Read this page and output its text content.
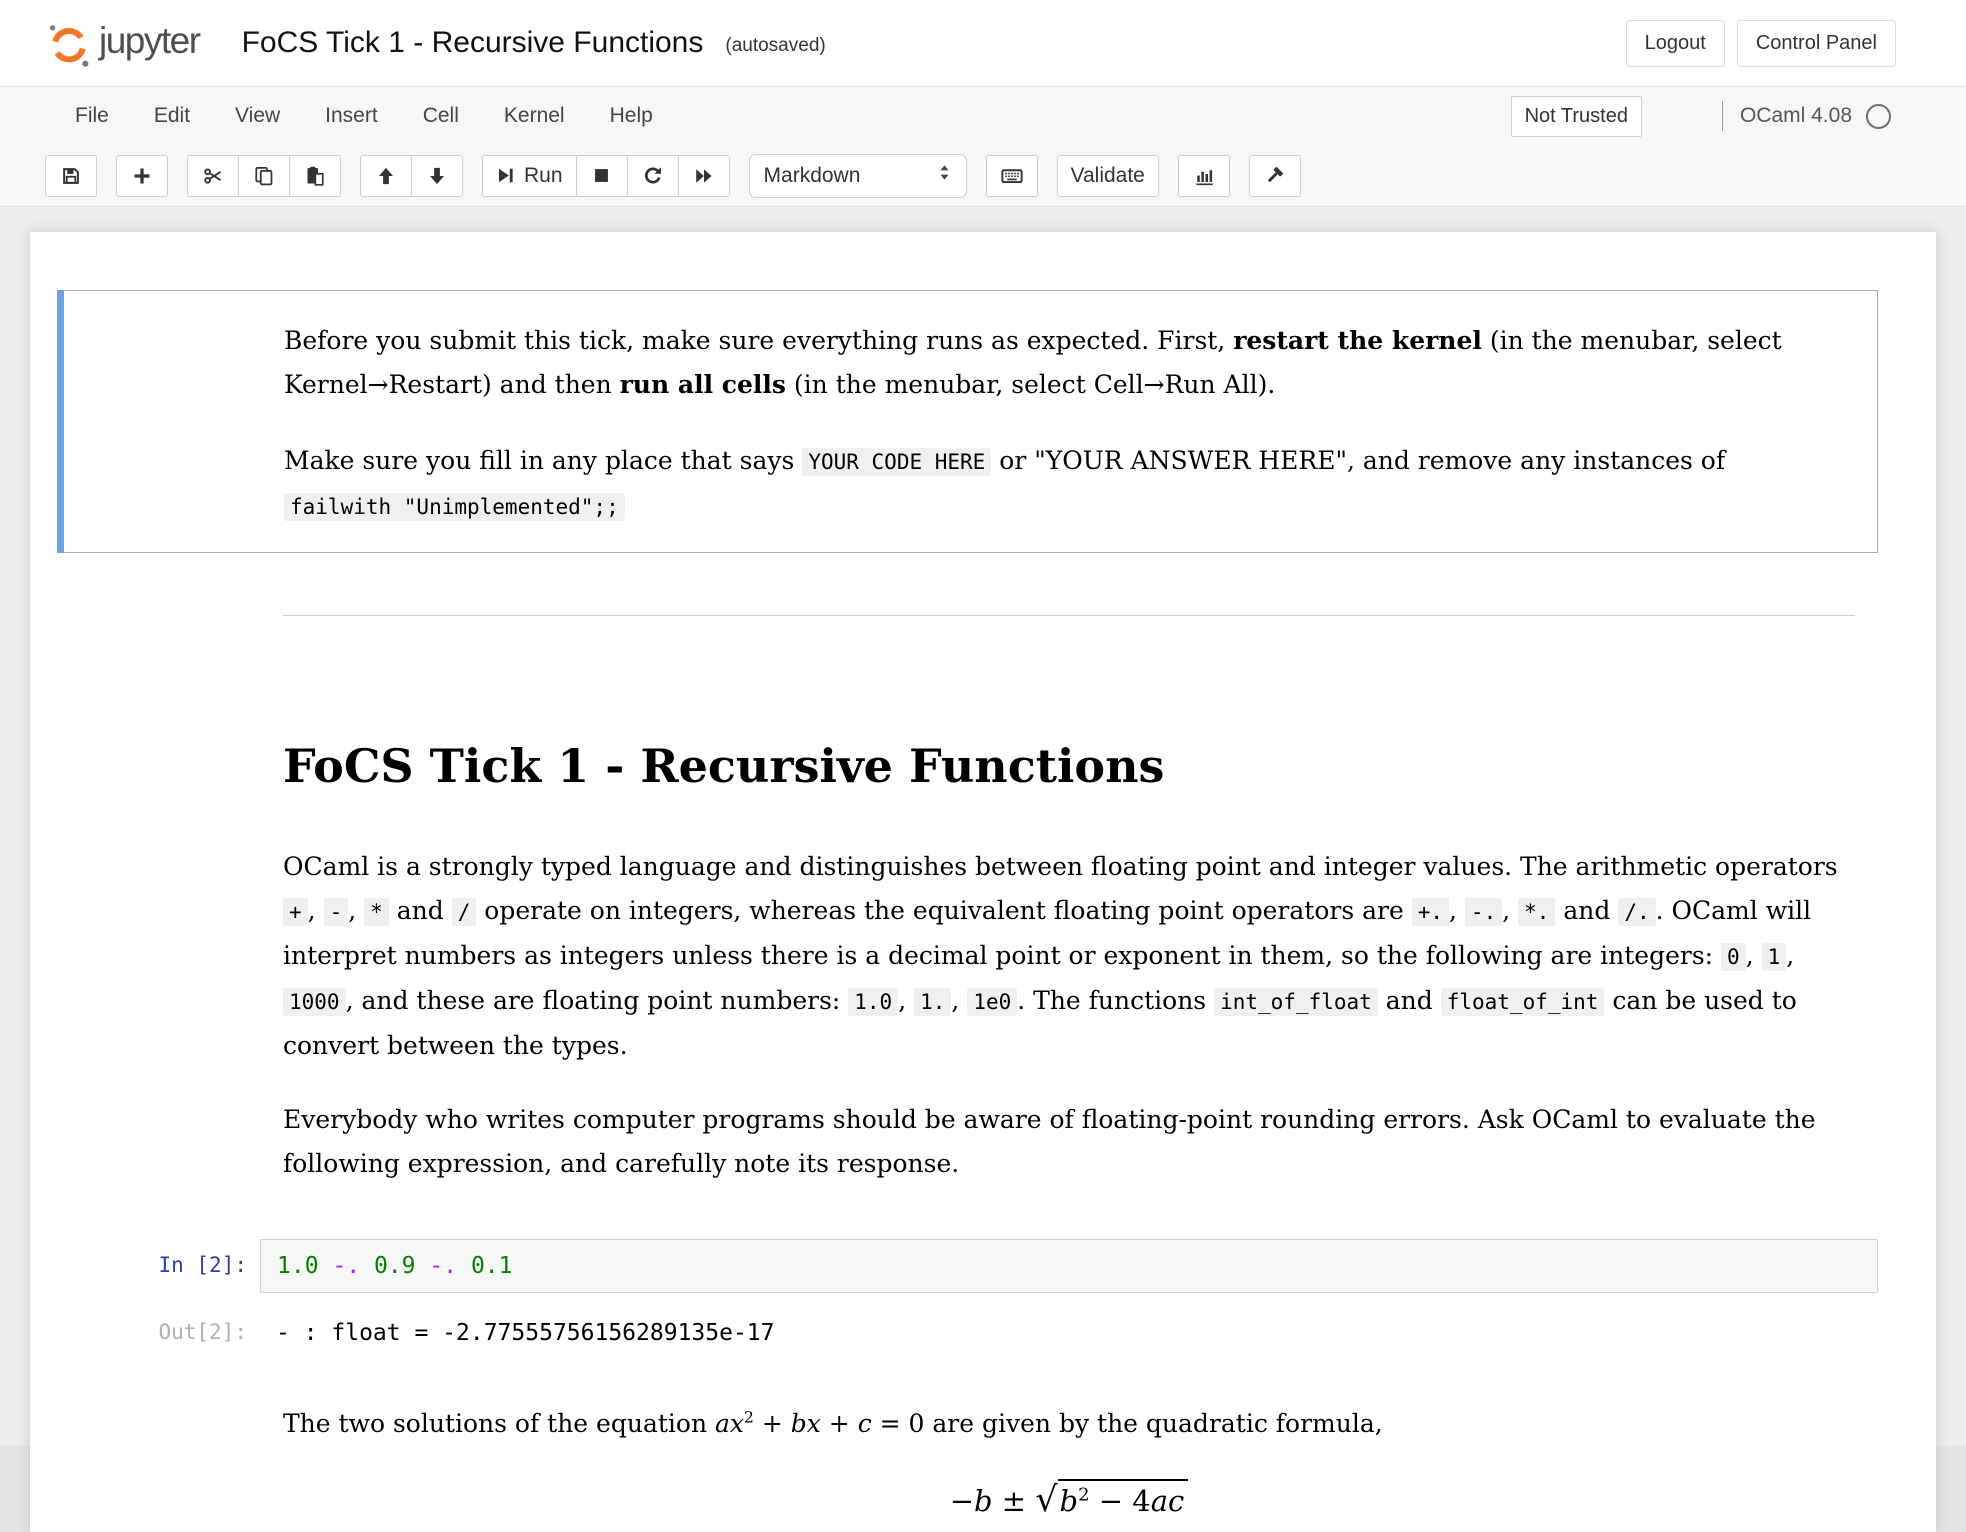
jupyter FoCS Tick 1 - Recursive Functions (autosaved)	Logout	Control Panel
File	Edit	View	Insert	Cell	Kernel	Help	Not Trusted	OCaml 4.08
Run	Markdown	Validate

Before you submit this tick, make sure everything runs as expected. First, restart the kernel (in the menubar, select Kernel→Restart) and then run all cells (in the menubar, select Cell→Run All).

Make sure you fill in any place that says YOUR CODE HERE or "YOUR ANSWER HERE", and remove any instances of failwith "Unimplemented";;

FoCS Tick 1 - Recursive Functions

OCaml is a strongly typed language and distinguishes between floating point and integer values. The arithmetic operators + , - , * and / operate on integers, whereas the equivalent floating point operators are +. , -. , *. and /. . OCaml will interpret numbers as integers unless there is a decimal point or exponent in them, so the following are integers: 0 , 1 , 1000 , and these are floating point numbers: 1.0 , 1. , 1e0 . The functions int_of_float and float_of_int can be used to convert between the types.

Everybody who writes computer programs should be aware of floating-point rounding errors. Ask OCaml to evaluate the following expression, and carefully note its response.

In [2]:	1.0 -. 0.9 -. 0.1
Out[2]:	- : float = -2.77555756156289135e-17

The two solutions of the equation $ax^2$ + bx + c = 0 are given by the quadratic formula,

$-b \pm √b^2 - 4ac$
